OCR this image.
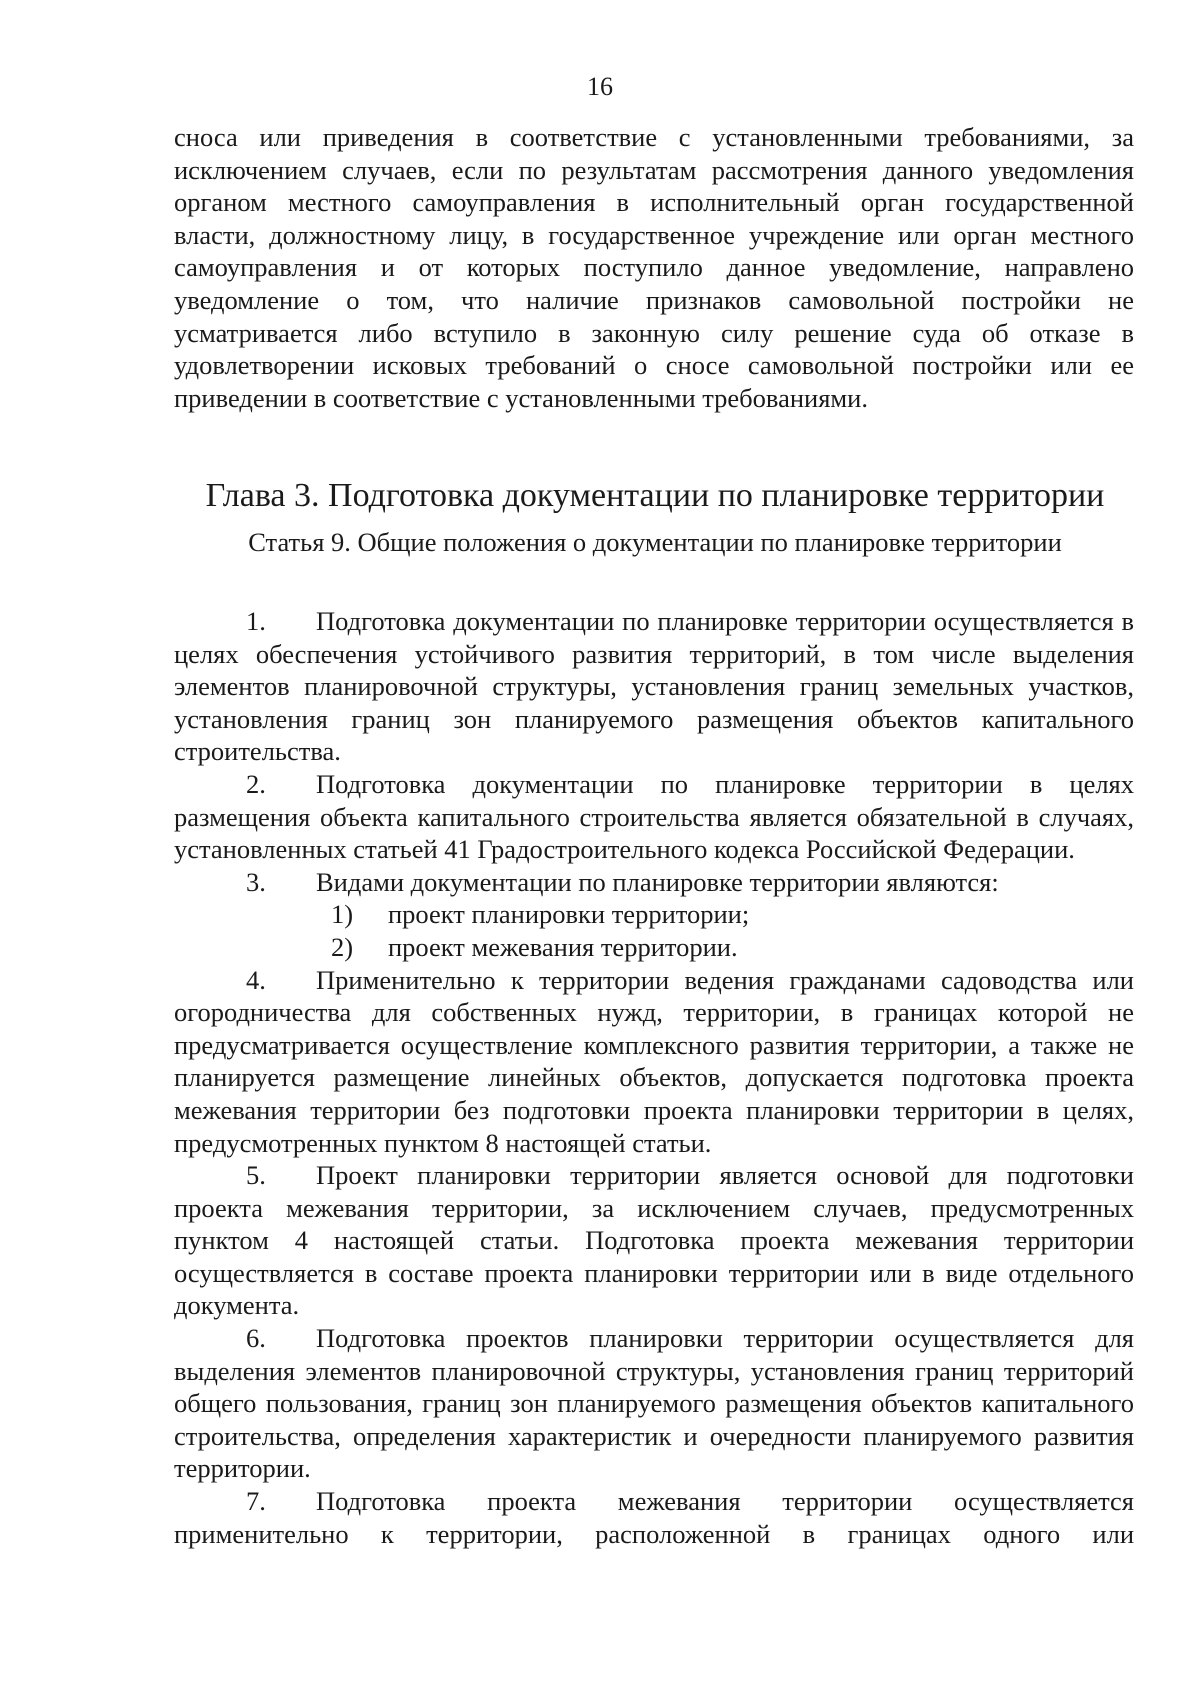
16

сноса или приведения в соответствие с установленными требованиями, за исключением случаев, если по результатам рассмотрения данного уведомления органом местного самоуправления в исполнительный орган государственной власти, должностному лицу, в государственное учреждение или орган местного самоуправления и от которых поступило данное уведомление, направлено уведомление о том, что наличие признаков самовольной постройки не усматривается либо вступило в законную силу решение суда об отказе в удовлетворении исковых требований о сносе самовольной постройки или ее приведении в соответствие с установленными требованиями.

Глава 3. Подготовка документации по планировке территории
Статья 9. Общие положения о документации по планировке территории

1. Подготовка документации по планировке территории осуществляется в целях обеспечения устойчивого развития территорий, в том числе выделения элементов планировочной структуры, установления границ земельных участков, установления границ зон планируемого размещения объектов капитального строительства.

2. Подготовка документации по планировке территории в целях размещения объекта капитального строительства является обязательной в случаях, установленных статьей 41 Градостроительного кодекса Российской Федерации.

3. Видами документации по планировке территории являются:

1) проект планировки территории;

2) проект межевания территории.

4. Применительно к территории ведения гражданами садоводства или огородничества для собственных нужд, территории, в границах которой не предусматривается осуществление комплексного развития территории, а также не планируется размещение линейных объектов, допускается подготовка проекта межевания территории без подготовки проекта планировки территории в целях, предусмотренных пунктом 8 настоящей статьи.

5. Проект планировки территории является основой для подготовки проекта межевания территории, за исключением случаев, предусмотренных пунктом 4 настоящей статьи. Подготовка проекта межевания территории осуществляется в составе проекта планировки территории или в виде отдельного документа.

6. Подготовка проектов планировки территории осуществляется для выделения элементов планировочной структуры, установления границ территорий общего пользования, границ зон планируемого размещения объектов капитального строительства, определения характеристик и очередности планируемого развития территории.

7. Подготовка проекта межевания территории осуществляется применительно к территории, расположенной в границах одного или
